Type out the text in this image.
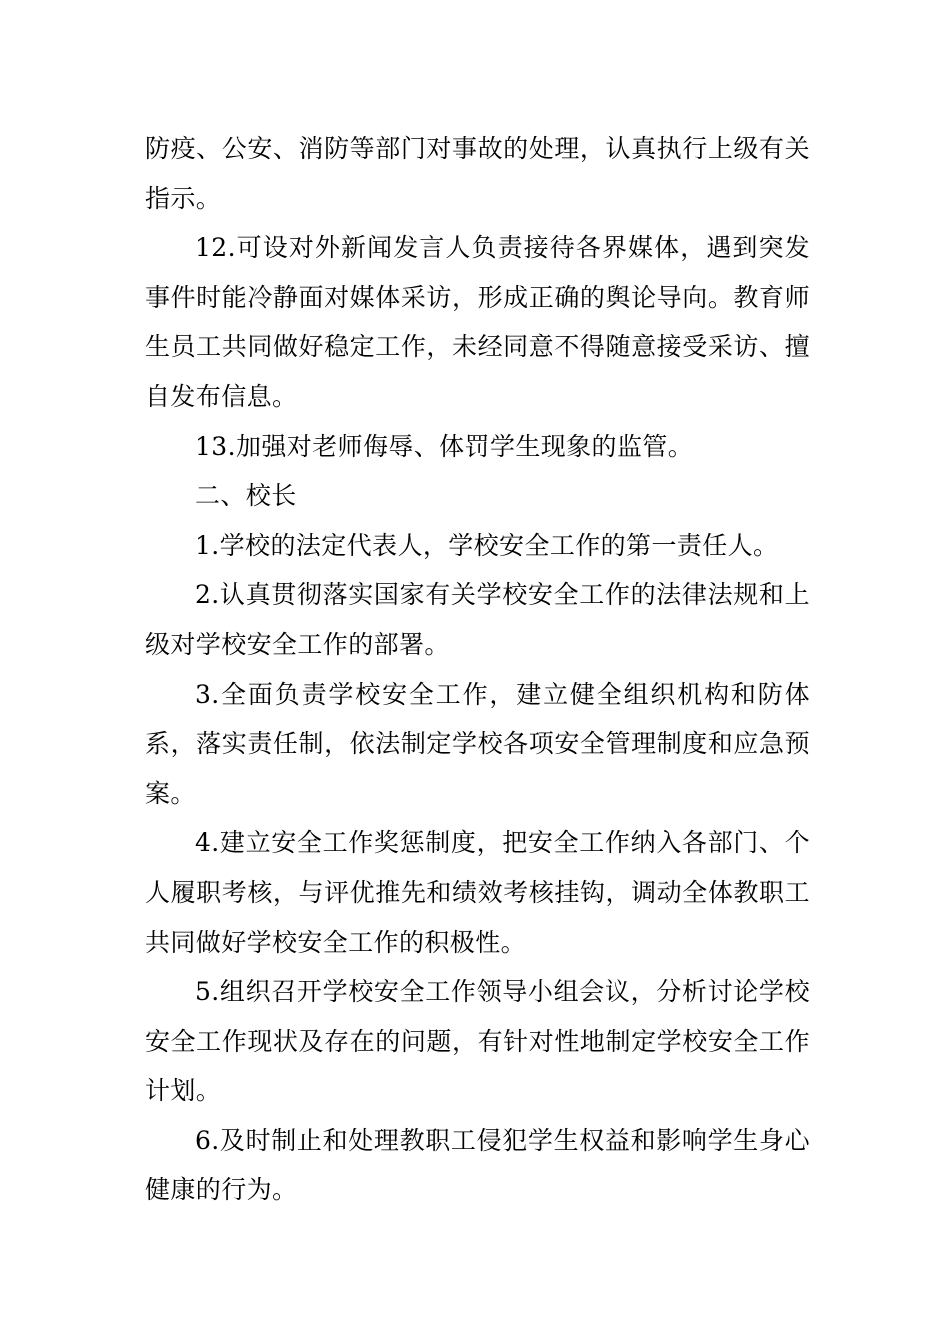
防疫、公安、消防等部门对事故的处理，认真执行上级有关指示。

12.可设对外新闻发言人负责接待各界媒体，遇到突发事件时能冷静面对媒体采访，形成正确的舆论导向。教育师生员工共同做好稳定工作，未经同意不得随意接受采访、擅自发布信息。

13.加强对老师侮辱、体罚学生现象的监管。

二、校长

1.学校的法定代表人，学校安全工作的第一责任人。

2.认真贯彻落实国家有关学校安全工作的法律法规和上级对学校安全工作的部署。

3.全面负责学校安全工作，建立健全组织机构和防体系，落实责任制，依法制定学校各项安全管理制度和应急预案。

4.建立安全工作奖惩制度，把安全工作纳入各部门、个人履职考核，与评优推先和绩效考核挂钩，调动全体教职工共同做好学校安全工作的积极性。

5.组织召开学校安全工作领导小组会议，分析讨论学校安全工作现状及存在的问题，有针对性地制定学校安全工作计划。

6.及时制止和处理教职工侵犯学生权益和影响学生身心健康的行为。
